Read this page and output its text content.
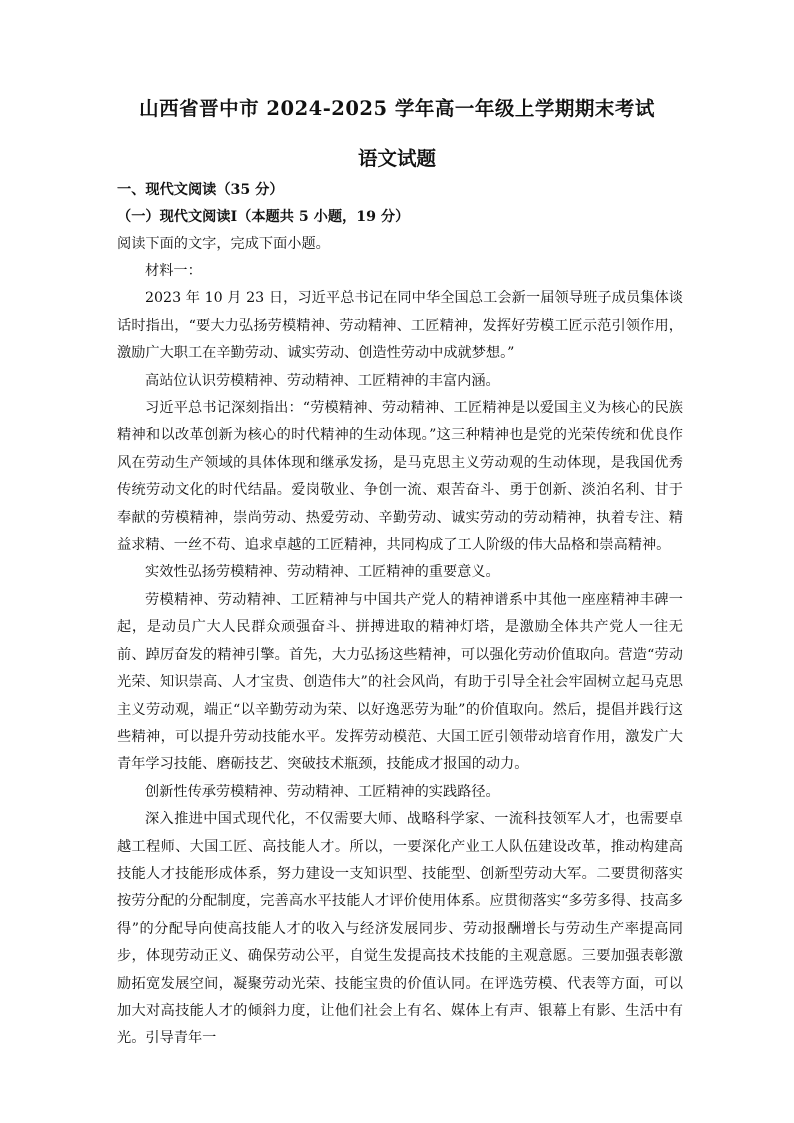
山西省晋中市 2024-2025 学年高一年级上学期期末考试
语文试题
一、现代文阅读（35 分）
（一）现代文阅读Ⅰ（本题共 5 小题，19 分）
阅读下面的文字，完成下面小题。

材料一：

2023 年 10 月 23 日，习近平总书记在同中华全国总工会新一届领导班子成员集体谈话时指出，“要大力弘扬劳模精神、劳动精神、工匠精神，发挥好劳模工匠示范引领作用，激励广大职工在辛勤劳动、诚实劳动、创造性劳动中成就梦想。”

高站位认识劳模精神、劳动精神、工匠精神的丰富内涵。

习近平总书记深刻指出：“劳模精神、劳动精神、工匠精神是以爱国主义为核心的民族精神和以改革创新为核心的时代精神的生动体现。”这三种精神也是党的光荣传统和优良作风在劳动生产领域的具体体现和继承发扬，是马克思主义劳动观的生动体现，是我国优秀传统劳动文化的时代结晶。爱岗敬业、争创一流、艰苦奋斗、勇于创新、淡泊名利、甘于奉献的劳模精神，崇尚劳动、热爱劳动、辛勤劳动、诚实劳动的劳动精神，执着专注、精益求精、一丝不苟、追求卓越的工匠精神，共同构成了工人阶级的伟大品格和崇高精神。

实效性弘扬劳模精神、劳动精神、工匠精神的重要意义。

劳模精神、劳动精神、工匠精神与中国共产党人的精神谱系中其他一座座精神丰碑一起，是动员广大人民群众顽强奋斗、拼搏进取的精神灯塔，是激励全体共产党人一往无前、踔厉奋发的精神引擎。首先，大力弘扬这些精神，可以强化劳动价值取向。营造“劳动光荣、知识崇高、人才宝贵、创造伟大”的社会风尚，有助于引导全社会牢固树立起马克思主义劳动观，端正“以辛勤劳动为荣、以好逸恶劳为耻”的价值取向。然后，提倡并践行这些精神，可以提升劳动技能水平。发挥劳动模范、大国工匠引领带动培育作用，激发广大青年学习技能、磨砺技艺、突破技术瓶颈，技能成才报国的动力。

创新性传承劳模精神、劳动精神、工匠精神的实践路径。

深入推进中国式现代化，不仅需要大师、战略科学家、一流科技领军人才，也需要卓越工程师、大国工匠、高技能人才。所以，一要深化产业工人队伍建设改革，推动构建高技能人才技能形成体系，努力建设一支知识型、技能型、创新型劳动大军。二要贯彻落实按劳分配的分配制度，完善高水平技能人才评价使用体系。应贯彻落实“多劳多得、技高多得”的分配导向使高技能人才的收入与经济发展同步、劳动报酬增长与劳动生产率提高同步，体现劳动正义、确保劳动公平，自觉生发提高技术技能的主观意愿。三要加强表彰激励拓宽发展空间，凝聚劳动光荣、技能宝贵的价值认同。在评选劳模、代表等方面，可以加大对高技能人才的倾斜力度，让他们社会上有名、媒体上有声、银幕上有影、生活中有光。引导青年一
